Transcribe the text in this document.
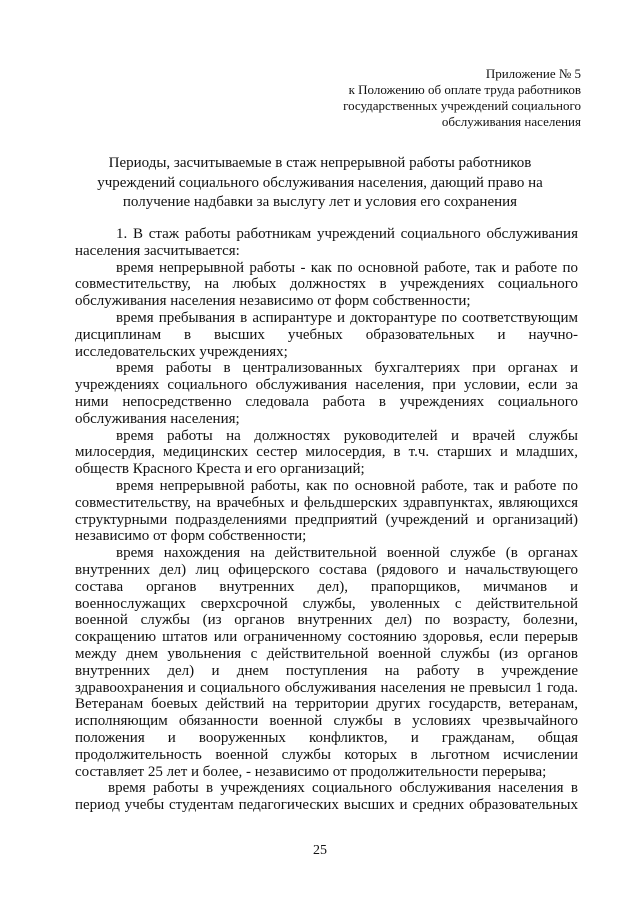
Приложение № 5
к Положению об оплате труда работников
государственных учреждений социального
обслуживания населения
Периоды, засчитываемые в стаж непрерывной работы работников
учреждений социального обслуживания населения, дающий право на
получение надбавки за выслугу лет и условия его сохранения
1. В стаж работы работникам учреждений социального обслуживания
населения засчитывается:
время непрерывной работы - как по основной работе, так и работе по
совместительству, на любых должностях в учреждениях социального
обслуживания населения независимо от форм собственности;
время пребывания в аспирантуре и докторантуре по соответствующим
дисциплинам в высших учебных образовательных и научно-
исследовательских учреждениях;
время работы в централизованных бухгалтериях при органах и
учреждениях социального обслуживания населения, при условии, если за
ними непосредственно следовала работа в учреждениях социального
обслуживания населения;
время работы на должностях руководителей и врачей службы
милосердия, медицинских сестер милосердия, в т.ч. старших и младших,
обществ Красного Креста и его организаций;
время непрерывной работы, как по основной работе, так и работе по
совместительству, на врачебных и фельдшерских здравпунктах, являющихся
структурными подразделениями предприятий (учреждений и организаций)
независимо от форм собственности;
время нахождения на действительной военной службе (в органах
внутренних дел) лиц офицерского состава (рядового и начальствующего
состава органов внутренних дел), прапорщиков, мичманов и
военнослужащих сверхсрочной службы, уволенных с действительной
военной службы (из органов внутренних дел) по возрасту, болезни,
сокращению штатов или ограниченному состоянию здоровья, если перерыв
между днем увольнения с действительной военной службы (из органов
внутренних дел) и днем поступления на работу в учреждение
здравоохранения и социального обслуживания населения не превысил 1 года.
Ветеранам боевых действий на территории других государств, ветеранам,
исполняющим обязанности военной службы в условиях чрезвычайного
положения и вооруженных конфликтов, и гражданам, общая
продолжительность военной службы которых в льготном исчислении
составляет 25 лет и более, - независимо от продолжительности перерыва;
время работы в учреждениях социального обслуживания населения в
период учебы студентам педагогических высших и средних образовательных
25
